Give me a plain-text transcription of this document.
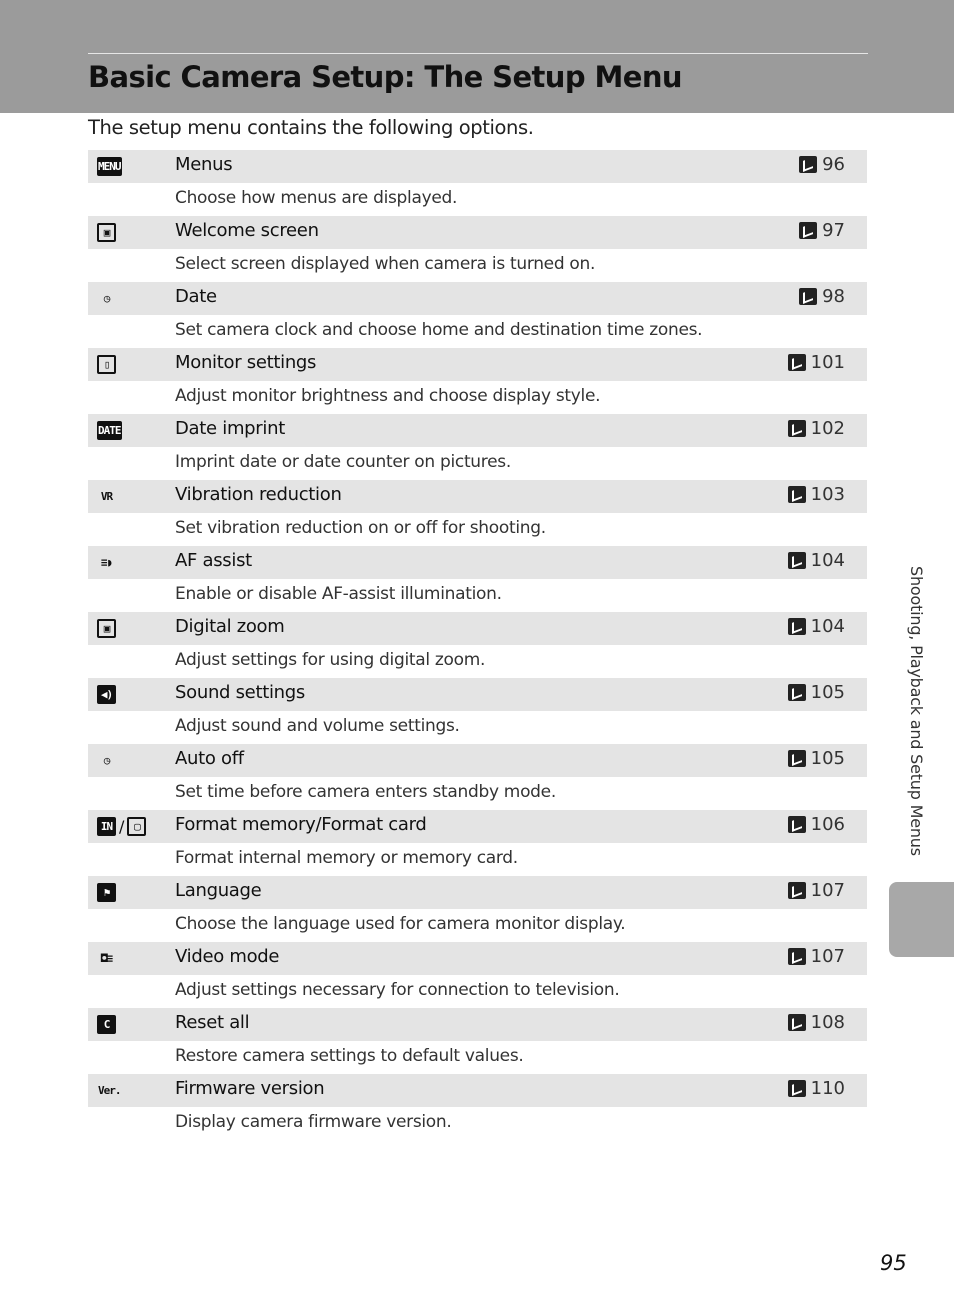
Basic Camera Setup: The Setup Menu
The setup menu contains the following options.
MENU	Menus	96
Choose how menus are displayed.
▣	Welcome screen	97
Select screen displayed when camera is turned on.
◷	Date	98
Set camera clock and choose home and destination time zones.
▯	Monitor settings	101
Adjust monitor brightness and choose display style.
DATE	Date imprint	102
Imprint date or date counter on pictures.
VR	Vibration reduction	103
Set vibration reduction on or off for shooting.
≡◗	AF assist	104
Enable or disable AF-assist illumination.
▣	Digital zoom	104
Adjust settings for using digital zoom.
◀)	Sound settings	105
Adjust sound and volume settings.
◷	Auto off	105
Set time before camera enters standby mode.
IN / ▢	Format memory/Format card	106
Format internal memory or memory card.
⚑	Language	107
Choose the language used for camera monitor display.
◘≡	Video mode	107
Adjust settings necessary for connection to television.
C	Reset all	108
Restore camera settings to default values.
Ver.	Firmware version	110
Display camera firmware version.
Shooting, Playback and Setup Menus
95
